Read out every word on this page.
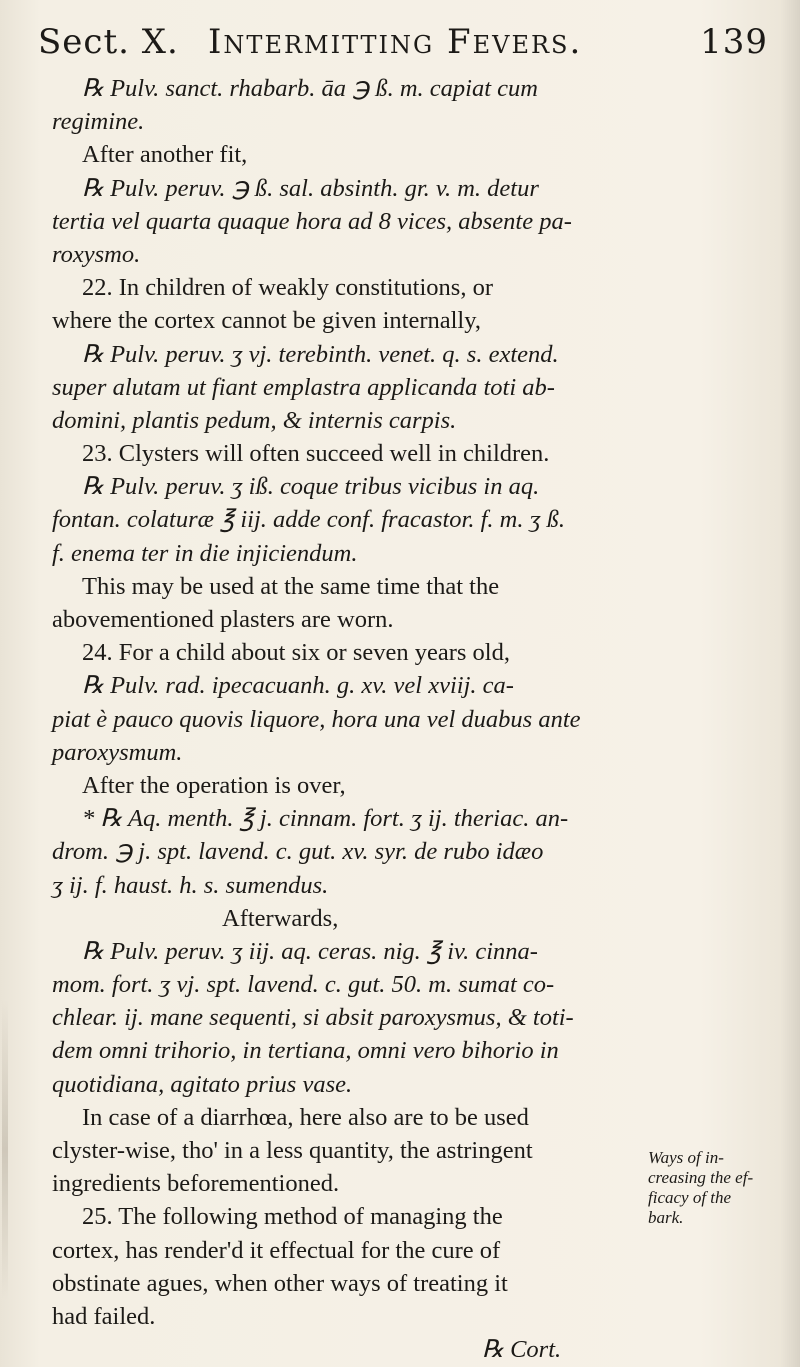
Sect. X. Intermitting Fevers.	139
℞ Pulv. sanct. rhabarb. āa ℈ ß. m. capiat cum
regimine.
After another fit,
℞ Pulv. peruv. ℈ ß. sal. absinth. gr. v. m. detur
tertia vel quarta quaque hora ad 8 vices, absente pa-
roxysmo.
22. In children of weakly constitutions, or
where the cortex cannot be given internally,
℞ Pulv. peruv. ʒ vj. terebinth. venet. q. s. extend.
super alutam ut fiant emplastra applicanda toti ab-
domini, plantis pedum, & internis carpis.
23. Clysters will often succeed well in children.
℞ Pulv. peruv. ʒ iß. coque tribus vicibus in aq.
fontan. colaturæ ℥ iij. adde conf. fracastor. f. m. ʒ ß.
f. enema ter in die injiciendum.
This may be used at the same time that the
abovementioned plasters are worn.
24. For a child about six or seven years old,
℞ Pulv. rad. ipecacuanh. g. xv. vel xviij. ca-
piat è pauco quovis liquore, hora una vel duabus ante
paroxysmum.
After the operation is over,
* ℞ Aq. menth. ℥ j. cinnam. fort. ʒ ij. theriac. an-
drom. ℈ j. spt. lavend. c. gut. xv. syr. de rubo idæo
ʒ ij. f. haust. h. s. sumendus.
Afterwards,
℞ Pulv. peruv. ʒ iij. aq. ceras. nig. ℥ iv. cinna-
mom. fort. ʒ vj. spt. lavend. c. gut. 50. m. sumat co-
chlear. ij. mane sequenti, si absit paroxysmus, & toti-
dem omni trihorio, in tertiana, omni vero bihorio in
quotidiana, agitato prius vase.
In case of a diarrhœa, here also are to be used
clyster-wise, tho' in a less quantity, the astringent
ingredients beforementioned.
25. The following method of managing the
cortex, has render'd it effectual for the cure of
obstinate agues, when other ways of treating it
had failed.
℞ Cort.
Ways of in-
creasing the ef-
ficacy of the
bark.
